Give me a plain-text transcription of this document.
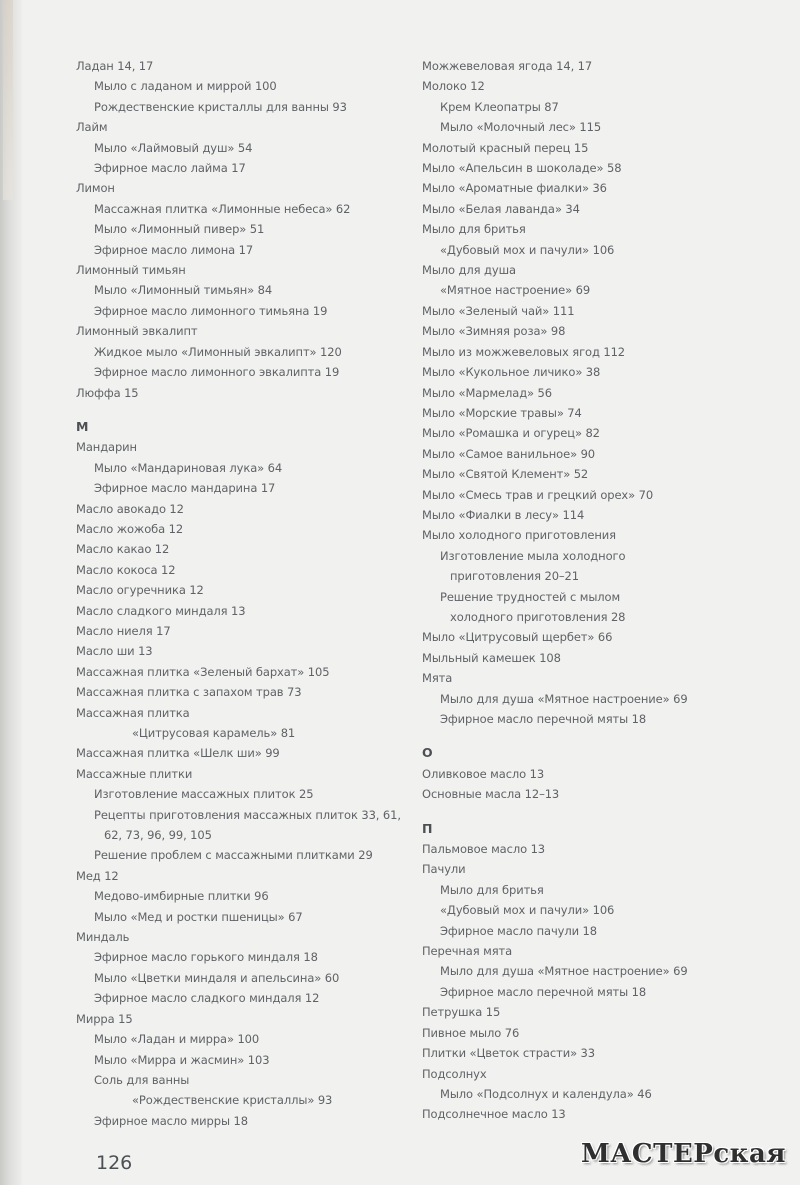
Ладан 14, 17
Мыло с ладаном и миррой 100
Рождественские кристаллы для ванны 93
Лайм
Мыло «Лаймовый душ» 54
Эфирное масло лайма 17
Лимон
Массажная плитка «Лимонные небеса» 62
Мыло «Лимонный пивер» 51
Эфирное масло лимона 17
Лимонный тимьян
Мыло «Лимонный тимьян» 84
Эфирное масло лимонного тимьяна 19
Лимонный эвкалипт
Жидкое мыло «Лимонный эвкалипт» 120
Эфирное масло лимонного эвкалипта 19
Люффа 15
М
Мандарин
Мыло «Мандариновая лука» 64
Эфирное масло мандарина 17
Масло авокадо 12
Масло жожоба 12
Масло какао 12
Масло кокоса 12
Масло огуречника 12
Масло сладкого миндаля 13
Масло ниеля 17
Масло ши 13
Массажная плитка «Зеленый бархат» 105
Массажная плитка с запахом трав 73
Массажная плитка
«Цитрусовая карамель» 81
Массажная плитка «Шелк ши» 99
Массажные плитки
Изготовление массажных плиток 25
Рецепты приготовления массажных плиток 33, 61,
62, 73, 96, 99, 105
Решение проблем с массажными плитками 29
Мед 12
Медово-имбирные плитки 96
Мыло «Мед и ростки пшеницы» 67
Миндаль
Эфирное масло горького миндаля 18
Мыло «Цветки миндаля и апельсина» 60
Эфирное масло сладкого миндаля 12
Мирра 15
Мыло «Ладан и мирра» 100
Мыло «Мирра и жасмин» 103
Соль для ванны
«Рождественские кристаллы» 93
Эфирное масло мирры 18
Можжевеловая ягода 14, 17
Молоко 12
Крем Клеопатры 87
Мыло «Молочный лес» 115
Молотый красный перец 15
Мыло «Апельсин в шоколаде» 58
Мыло «Ароматные фиалки» 36
Мыло «Белая лаванда» 34
Мыло для бритья
«Дубовый мох и пачули» 106
Мыло для душа
«Мятное настроение» 69
Мыло «Зеленый чай» 111
Мыло «Зимняя роза» 98
Мыло из можжевеловых ягод 112
Мыло «Кукольное личико» 38
Мыло «Мармелад» 56
Мыло «Морские травы» 74
Мыло «Ромашка и огурец» 82
Мыло «Самое ванильное» 90
Мыло «Святой Клемент» 52
Мыло «Смесь трав и грецкий орех» 70
Мыло «Фиалки в лесу» 114
Мыло холодного приготовления
Изготовление мыла холодного
приготовления 20–21
Решение трудностей с мылом
холодного приготовления 28
Мыло «Цитрусовый щербет» 66
Мыльный камешек 108
Мята
Мыло для душа «Мятное настроение» 69
Эфирное масло перечной мяты 18
О
Оливковое масло 13
Основные масла 12–13
П
Пальмовое масло 13
Пачули
Мыло для бритья
«Дубовый мох и пачули» 106
Эфирное масло пачули 18
Перечная мята
Мыло для душа «Мятное настроение» 69
Эфирное масло перечной мяты 18
Петрушка 15
Пивное мыло 76
Плитки «Цветок страсти» 33
Подсолнух
Мыло «Подсолнух и календула» 46
Подсолнечное масло 13
126	МАСТЕРская
